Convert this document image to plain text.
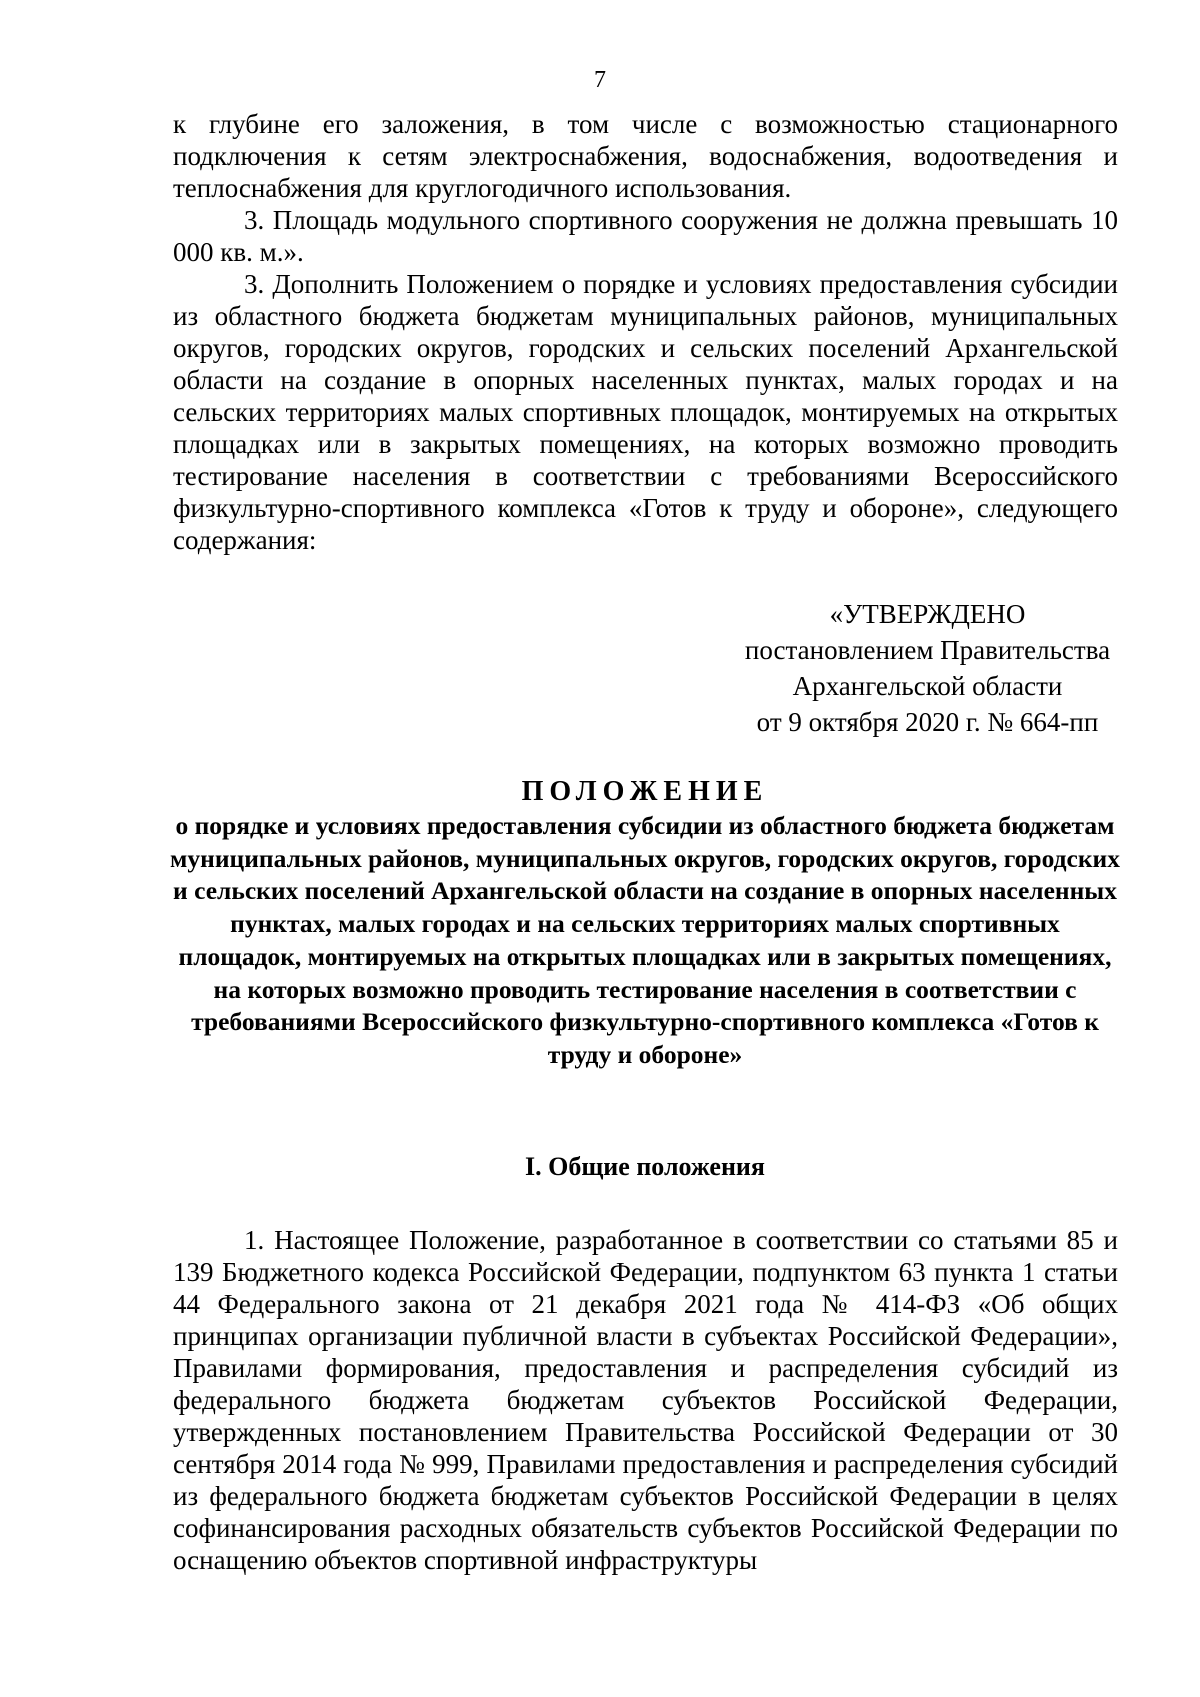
7

к глубине его заложения, в том числе с возможностью стационарного подключения к сетям электроснабжения, водоснабжения, водоотведения и теплоснабжения для круглогодичного использования.

3. Площадь модульного спортивного сооружения не должна превышать 10 000 кв. м.».

3. Дополнить Положением о порядке и условиях предоставления субсидии из областного бюджета бюджетам муниципальных районов, муниципальных округов, городских округов, городских и сельских поселений Архангельской области на создание в опорных населенных пунктах, малых городах и на сельских территориях малых спортивных площадок, монтируемых на открытых площадках или в закрытых помещениях, на которых возможно проводить тестирование населения в соответствии с требованиями Всероссийского физкультурно-спортивного комплекса «Готов к труду и обороне», следующего содержания:

«УТВЕРЖДЕНО
постановлением Правительства
Архангельской области
от 9 октября 2020 г. № 664-пп
ПОЛОЖЕНИЕ
о порядке и условиях предоставления субсидии из областного бюджета бюджетам муниципальных районов, муниципальных округов, городских округов, городских и сельских поселений Архангельской области на создание в опорных населенных пунктах, малых городах и на сельских территориях малых спортивных площадок, монтируемых на открытых площадках или в закрытых помещениях, на которых возможно проводить тестирование населения в соответствии с требованиями Всероссийского физкультурно-спортивного комплекса «Готов к труду и обороне»
I. Общие положения

1. Настоящее Положение, разработанное в соответствии со статьями 85 и 139 Бюджетного кодекса Российской Федерации, подпунктом 63 пункта 1 статьи 44 Федерального закона от 21 декабря 2021 года № 414-ФЗ «Об общих принципах организации публичной власти в субъектах Российской Федерации», Правилами формирования, предоставления и распределения субсидий из федерального бюджета бюджетам субъектов Российской Федерации, утвержденных постановлением Правительства Российской Федерации от 30 сентября 2014 года № 999, Правилами предоставления и распределения субсидий из федерального бюджета бюджетам субъектов Российской Федерации в целях софинансирования расходных обязательств субъектов Российской Федерации по оснащению объектов спортивной инфраструктуры
